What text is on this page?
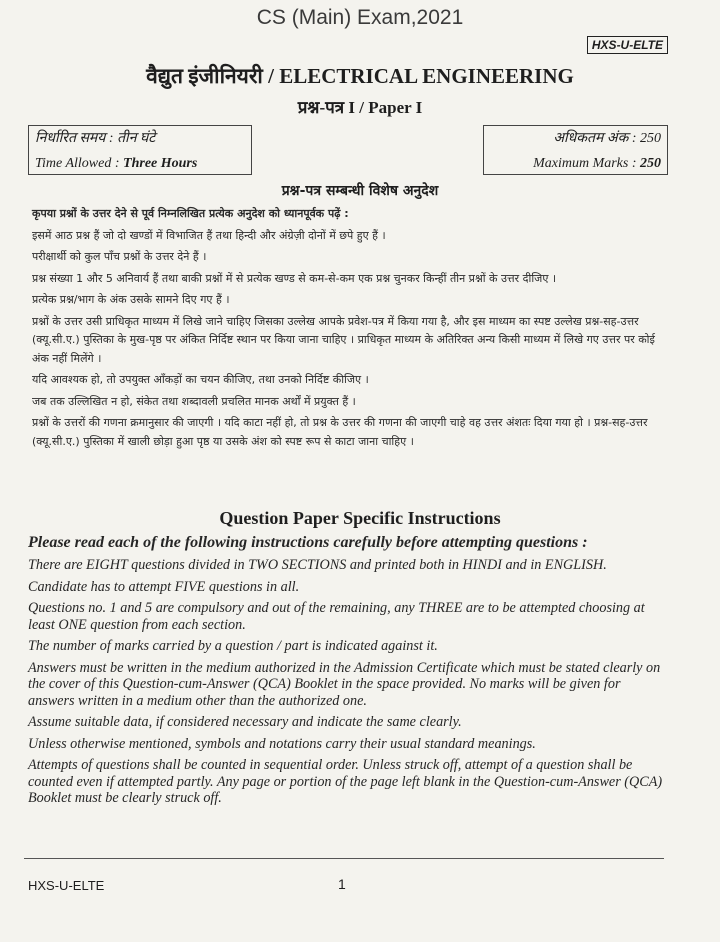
CS (Main) Exam,2021
HXS-U-ELTE
वैद्युत इंजीनियरी / ELECTRICAL ENGINEERING
प्रश्न-पत्र I / Paper I
निर्धारित समय : तीन घंटे
Time Allowed : Three Hours
अधिकतम अंक : 250
Maximum Marks : 250
प्रश्न-पत्र सम्बन्धी विशेष अनुदेश

कृपया प्रश्नों के उत्तर देने से पूर्व निम्नलिखित प्रत्येक अनुदेश को ध्यानपूर्वक पढ़ें :

इसमें आठ प्रश्न हैं जो दो खण्डों में विभाजित हैं तथा हिन्दी और अंग्रेज़ी दोनों में छपे हुए हैं ।

परीक्षार्थी को कुल पाँच प्रश्नों के उत्तर देने हैं ।

प्रश्न संख्या 1 और 5 अनिवार्य हैं तथा बाकी प्रश्नों में से प्रत्येक खण्ड से कम-से-कम एक प्रश्न चुनकर किन्हीं तीन प्रश्नों के उत्तर दीजिए ।

प्रत्येक प्रश्न/भाग के अंक उसके सामने दिए गए हैं ।

प्रश्नों के उत्तर उसी प्राधिकृत माध्यम में लिखे जाने चाहिए जिसका उल्लेख आपके प्रवेश-पत्र में किया गया है, और इस माध्यम का स्पष्ट उल्लेख प्रश्न-सह-उत्तर (क्यू.सी.ए.) पुस्तिका के मुख-पृष्ठ पर अंकित निर्दिष्ट स्थान पर किया जाना चाहिए । प्राधिकृत माध्यम के अतिरिक्त अन्य किसी माध्यम में लिखे गए उत्तर पर कोई अंक नहीं मिलेंगे ।

यदि आवश्यक हो, तो उपयुक्त आँकड़ों का चयन कीजिए, तथा उनको निर्दिष्ट कीजिए ।

जब तक उल्लिखित न हो, संकेत तथा शब्दावली प्रचलित मानक अर्थों में प्रयुक्त हैं ।

प्रश्नों के उत्तरों की गणना क्रमानुसार की जाएगी । यदि काटा नहीं हो, तो प्रश्न के उत्तर की गणना की जाएगी चाहे वह उत्तर अंशतः दिया गया हो । प्रश्न-सह-उत्तर (क्यू.सी.ए.) पुस्तिका में खाली छोड़ा हुआ पृष्ठ या उसके अंश को स्पष्ट रूप से काटा जाना चाहिए ।

Question Paper Specific Instructions

Please read each of the following instructions carefully before attempting questions :

There are EIGHT questions divided in TWO SECTIONS and printed both in HINDI and in ENGLISH.

Candidate has to attempt FIVE questions in all.

Questions no. 1 and 5 are compulsory and out of the remaining, any THREE are to be attempted choosing at least ONE question from each section.

The number of marks carried by a question / part is indicated against it.

Answers must be written in the medium authorized in the Admission Certificate which must be stated clearly on the cover of this Question-cum-Answer (QCA) Booklet in the space provided. No marks will be given for answers written in a medium other than the authorized one.

Assume suitable data, if considered necessary and indicate the same clearly.

Unless otherwise mentioned, symbols and notations carry their usual standard meanings.

Attempts of questions shall be counted in sequential order. Unless struck off, attempt of a question shall be counted even if attempted partly. Any page or portion of the page left blank in the Question-cum-Answer (QCA) Booklet must be clearly struck off.

HXS-U-ELTE	1
